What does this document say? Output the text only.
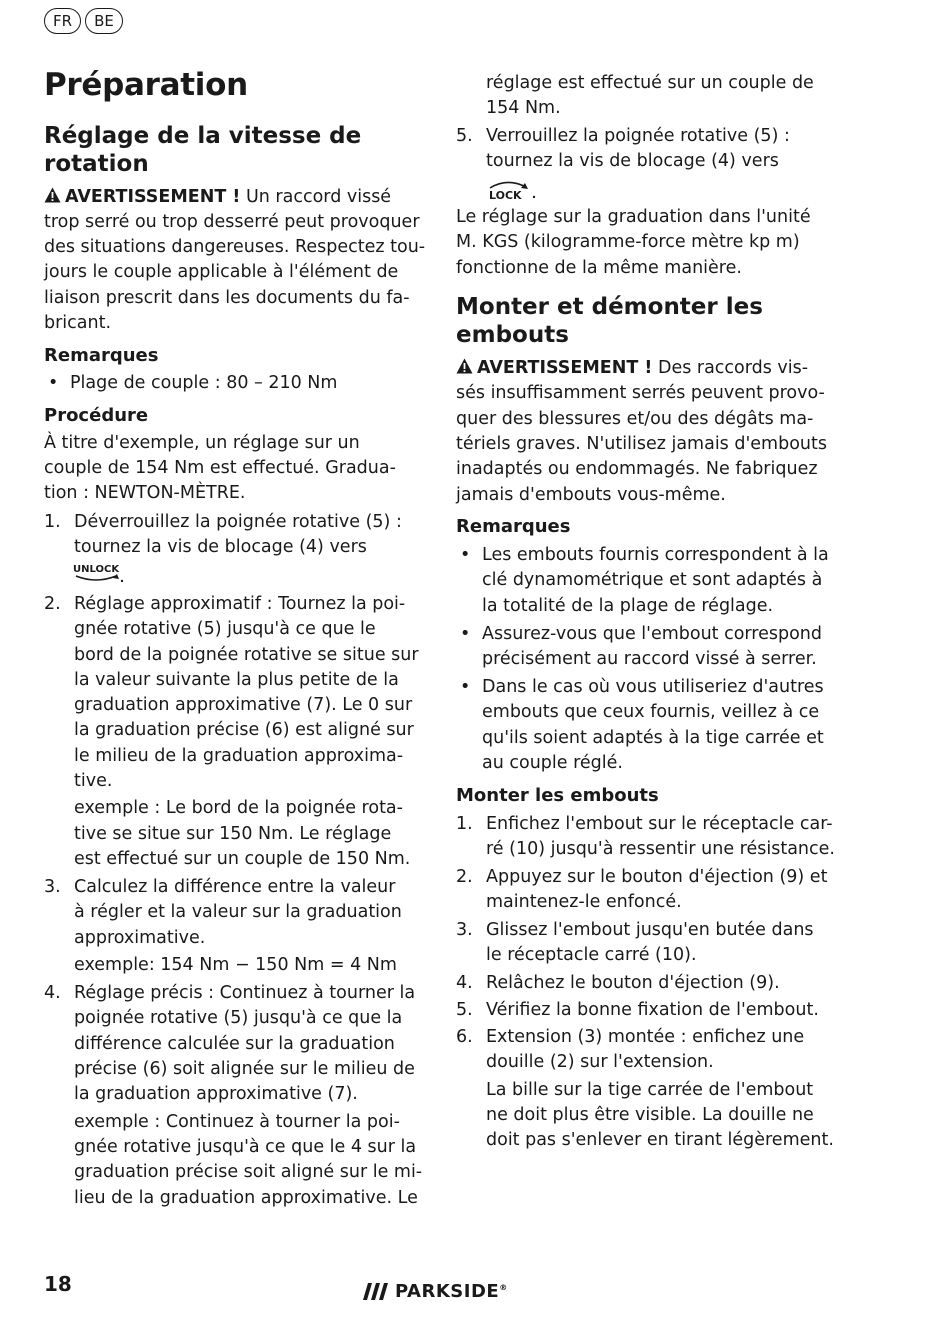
FR	BE
Préparation
Réglage de la vitesse de
rotation
AVERTISSEMENT ! Un raccord vissé
trop serré ou trop desserré peut provoquer
des situations dangereuses. Respectez tou-
jours le couple applicable à l'élément de
liaison prescrit dans les documents du fa-
bricant.
Remarques
• Plage de couple : 80 – 210 Nm
Procédure
À titre d'exemple, un réglage sur un
couple de 154 Nm est effectué. Gradua-
tion : NEWTON-MÈTRE.
1. Déverrouillez la poignée rotative (5) :
tournez la vis de blocage (4) vers
UNLOCK
2. Réglage approximatif : Tournez la poi-
gnée rotative (5) jusqu'à ce que le
bord de la poignée rotative se situe sur
la valeur suivante la plus petite de la
graduation approximative (7). Le 0 sur
la graduation précise (6) est aligné sur
le milieu de la graduation approxima-
tive.
exemple : Le bord de la poignée rota-
tive se situe sur 150 Nm. Le réglage
est effectué sur un couple de 150 Nm.
3. Calculez la différence entre la valeur
à régler et la valeur sur la graduation
approximative.
exemple: 154 Nm − 150 Nm = 4 Nm
4. Réglage précis : Continuez à tourner la
poignée rotative (5) jusqu'à ce que la
différence calculée sur la graduation
précise (6) soit alignée sur le milieu de
la graduation approximative (7).
exemple : Continuez à tourner la poi-
gnée rotative jusqu'à ce que le 4 sur la
graduation précise soit aligné sur le mi-
lieu de la graduation approximative. Le
réglage est effectué sur un couple de
154 Nm.
5. Verrouillez la poignée rotative (5) :
tournez la vis de blocage (4) vers
LOCK
Le réglage sur la graduation dans l'unité
M. KGS (kilogramme-force mètre kp m)
fonctionne de la même manière.
Monter et démonter les
embouts
AVERTISSEMENT ! Des raccords vis-
sés insuffisamment serrés peuvent provo-
quer des blessures et/ou des dégâts ma-
tériels graves. N'utilisez jamais d'embouts
inadaptés ou endommagés. Ne fabriquez
jamais d'embouts vous-même.
Remarques
• Les embouts fournis correspondent à la
clé dynamométrique et sont adaptés à
la totalité de la plage de réglage.
• Assurez-vous que l'embout correspond
précisément au raccord vissé à serrer.
• Dans le cas où vous utiliseriez d'autres
embouts que ceux fournis, veillez à ce
qu'ils soient adaptés à la tige carrée et
au couple réglé.
Monter les embouts
1. Enfichez l'embout sur le réceptacle car-
ré (10) jusqu'à ressentir une résistance.
2. Appuyez sur le bouton d'éjection (9) et
maintenez-le enfoncé.
3. Glissez l'embout jusqu'en butée dans
le réceptacle carré (10).
4. Relâchez le bouton d'éjection (9).
5. Vérifiez la bonne fixation de l'embout.
6. Extension (3) montée : enfichez une
douille (2) sur l'extension.
La bille sur la tige carrée de l'embout
ne doit plus être visible. La douille ne
doit pas s'enlever en tirant légèrement.
18	PARKSIDE®
